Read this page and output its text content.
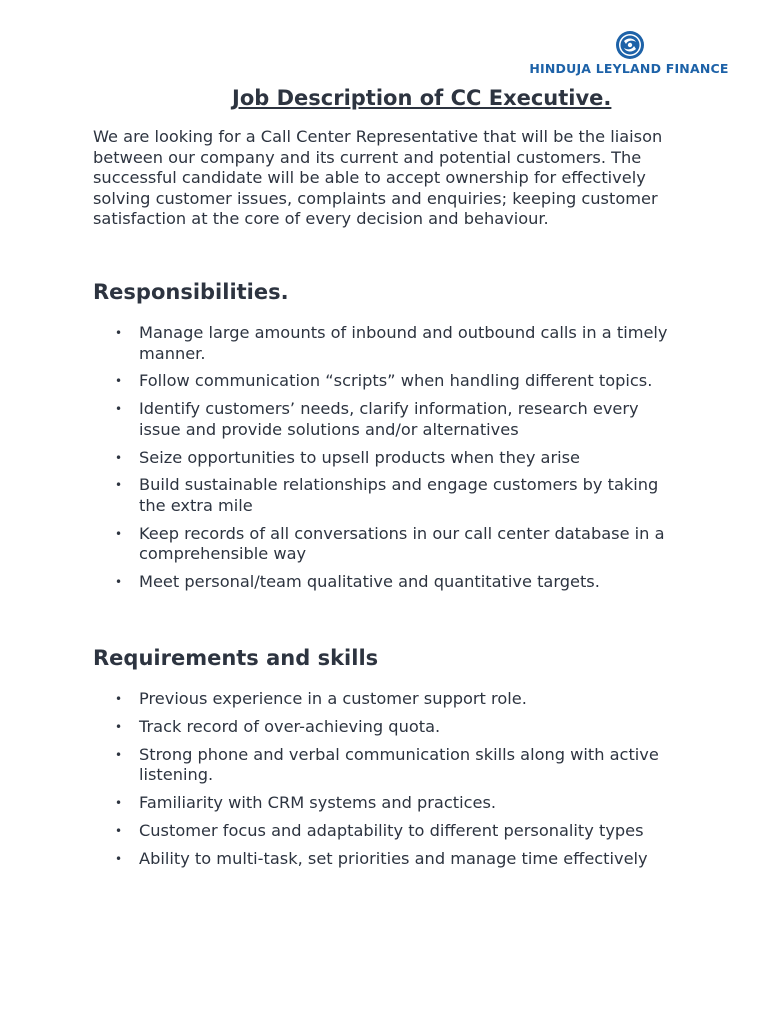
HINDUJA LEYLAND FINANCE
Job Description of CC Executive.

We are looking for a Call Center Representative that will be the liaison between our company and its current and potential customers. The successful candidate will be able to accept ownership for effectively solving customer issues, complaints and enquiries; keeping customer satisfaction at the core of every decision and behaviour.

Responsibilities.
• Manage large amounts of inbound and outbound calls in a timely manner.
• Follow communication “scripts” when handling different topics.
• Identify customers’ needs, clarify information, research every issue and provide solutions and/or alternatives
• Seize opportunities to upsell products when they arise
• Build sustainable relationships and engage customers by taking the extra mile
• Keep records of all conversations in our call center database in a comprehensible way
• Meet personal/team qualitative and quantitative targets.
Requirements and skills
• Previous experience in a customer support role.
• Track record of over-achieving quota.
• Strong phone and verbal communication skills along with active listening.
• Familiarity with CRM systems and practices.
• Customer focus and adaptability to different personality types
• Ability to multi-task, set priorities and manage time effectively
